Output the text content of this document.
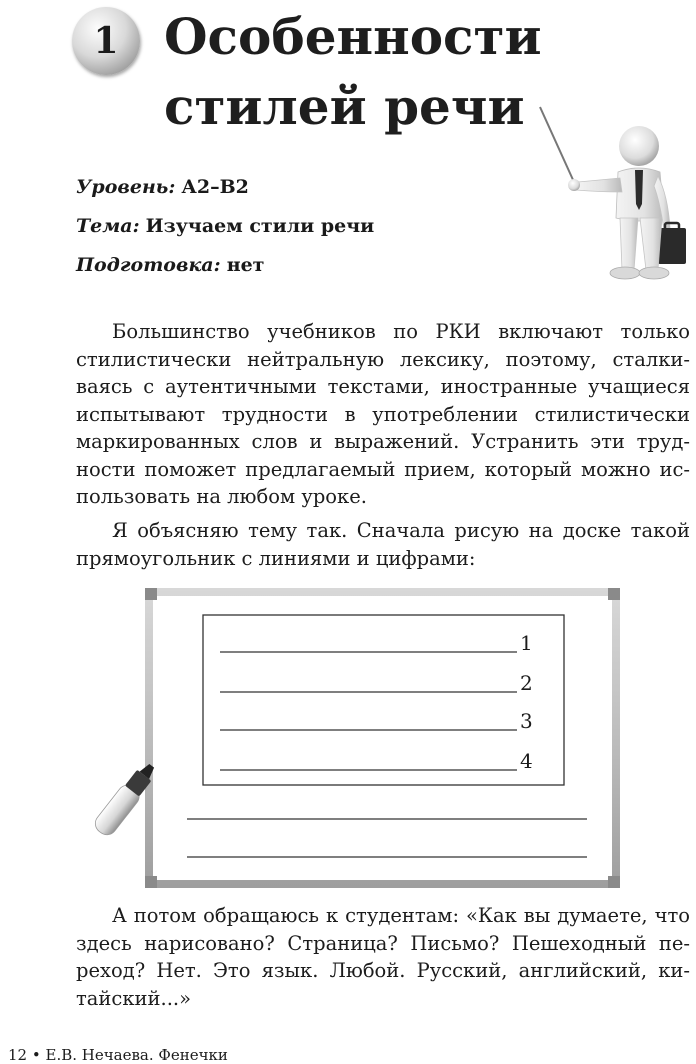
1 Особенности
стилей речи
Уровень: А2–В2
Тема: Изучаем стили речи
Подготовка: нет

Большинство учебников по РКИ включают только
стилистически нейтральную лексику, поэтому, сталки-
ваясь с аутентичными текстами, иностранные учащиеся
испытывают трудности в употреблении стилистически
маркированных слов и выражений. Устранить эти труд-
ности поможет предлагаемый прием, который можно ис-
пользовать на любом уроке.

Я объясняю тему так. Сначала рисую на доске такой
прямоугольник с линиями и цифрами:

1
2
3
4

А потом обращаюсь к студентам: «Как вы думаете, что
здесь нарисовано? Страница? Письмо? Пешеходный пе-
реход? Нет. Это язык. Любой. Русский, английский, ки-
тайский...»

12 • Е.В. Нечаева. Фенечки
